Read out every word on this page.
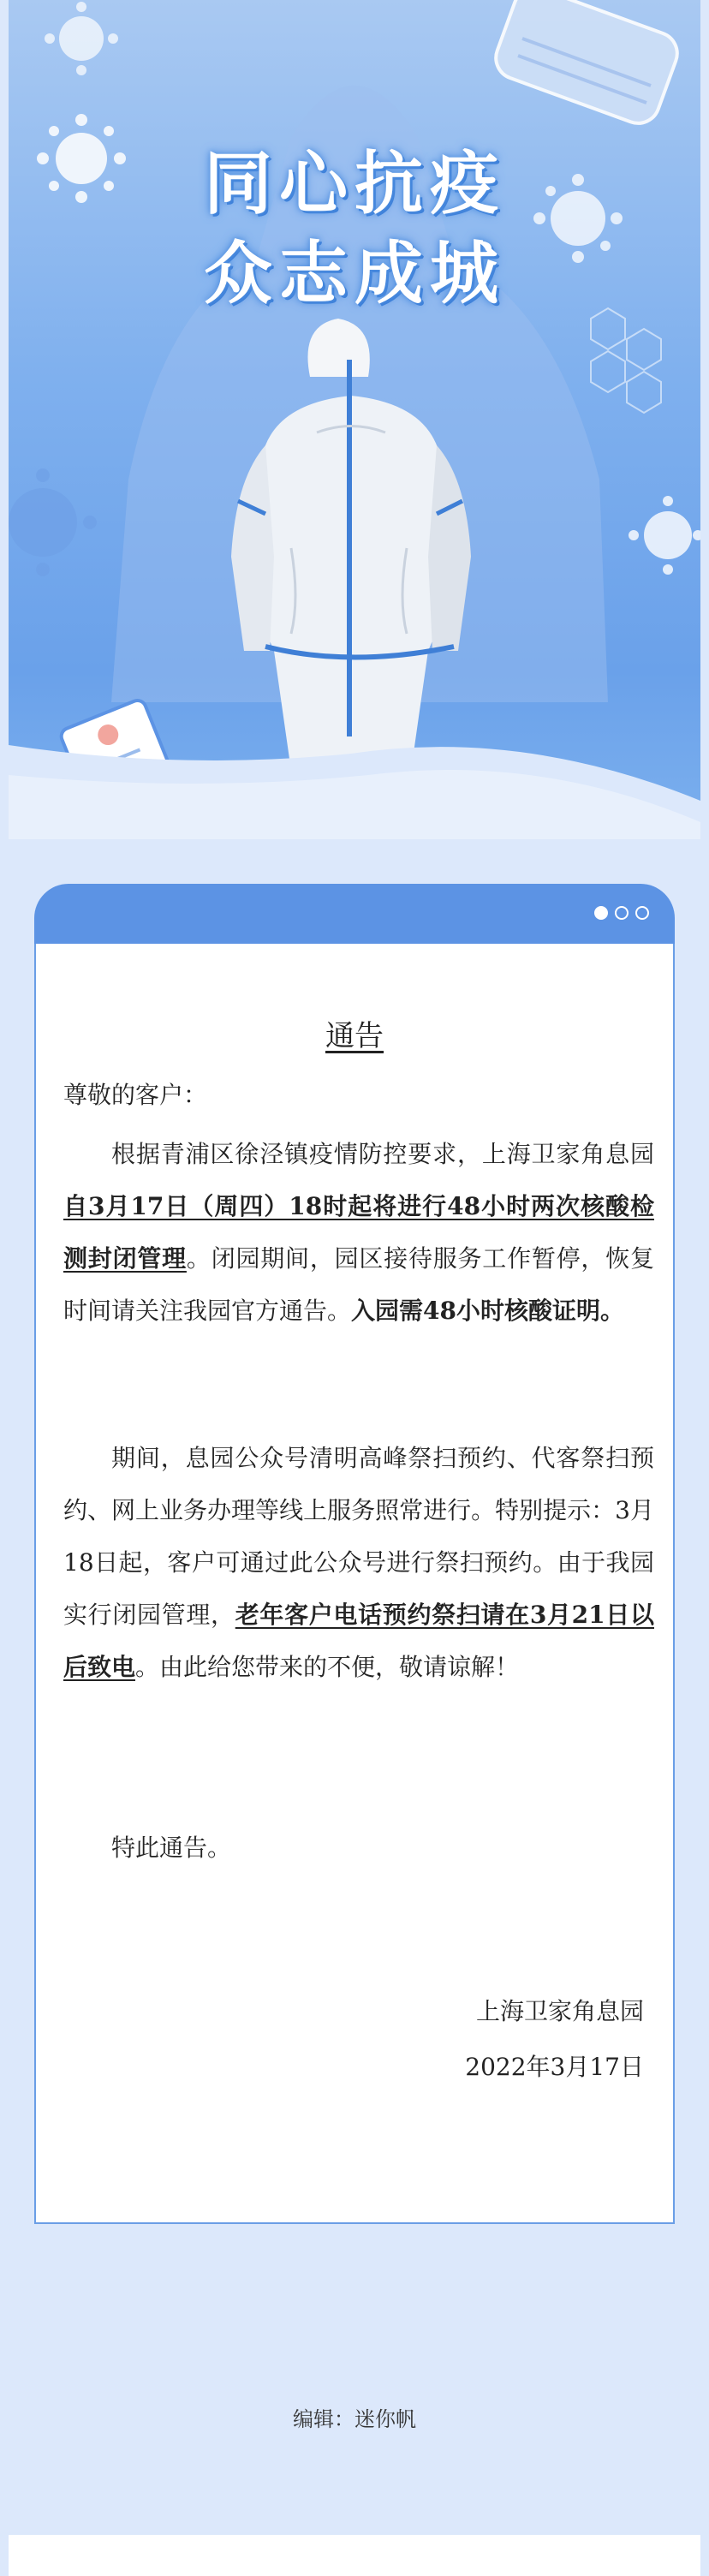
同心抗疫
众志成城
通告
尊敬的客户：
根据青浦区徐泾镇疫情防控要求，上海卫家角息园自3月17日（周四）18时起将进行48小时两次核酸检测封闭管理。闭园期间，园区接待服务工作暂停，恢复时间请关注我园官方通告。入园需48小时核酸证明。
期间，息园公众号清明高峰祭扫预约、代客祭扫预约、网上业务办理等线上服务照常进行。特别提示：3月18日起，客户可通过此公众号进行祭扫预约。由于我园实行闭园管理，老年客户电话预约祭扫请在3月21日以后致电。由此给您带来的不便，敬请谅解！
特此通告。
上海卫家角息园
2022年3月17日
编辑：迷你帆
